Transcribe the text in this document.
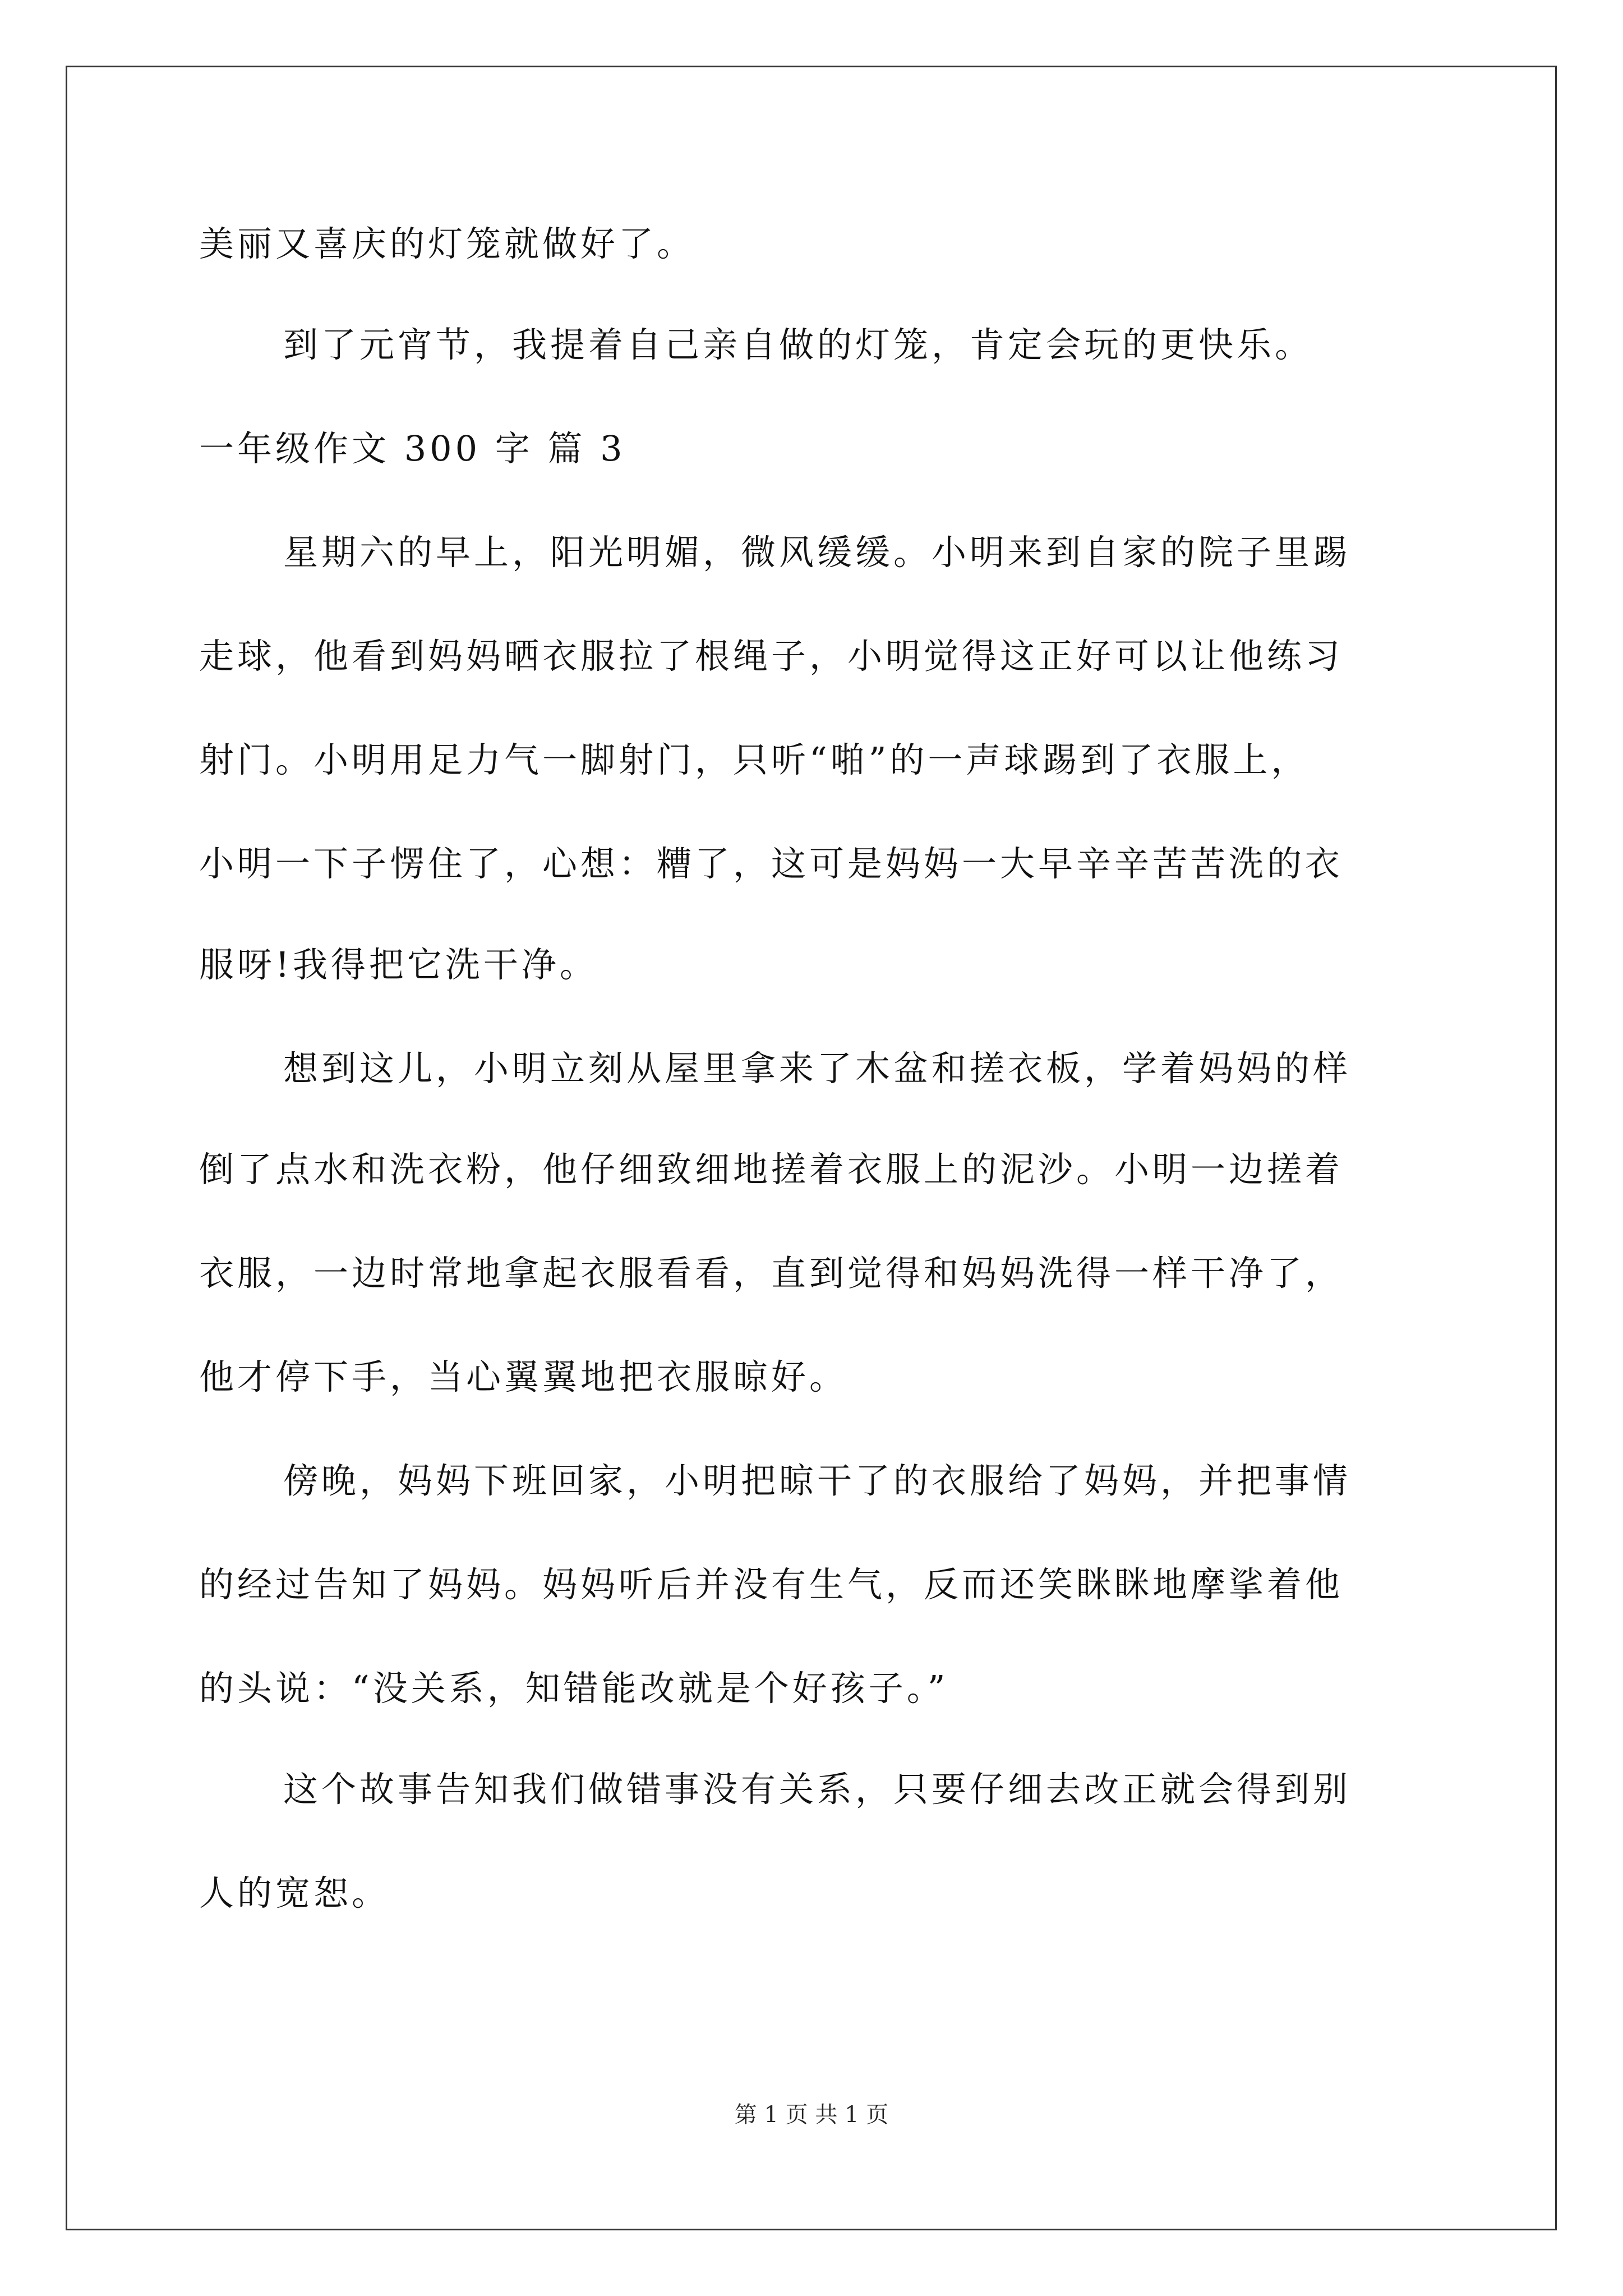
美丽又喜庆的灯笼就做好了。
到了元宵节，我提着自己亲自做的灯笼，肯定会玩的更快乐。
一年级作文 300 字 篇 3
星期六的早上，阳光明媚，微风缓缓。小明来到自家的院子里踢
走球，他看到妈妈晒衣服拉了根绳子，小明觉得这正好可以让他练习
射门。小明用足力气一脚射门，只听“啪”的一声球踢到了衣服上，
小明一下子愣住了，心想：糟了，这可是妈妈一大早辛辛苦苦洗的衣
服呀!我得把它洗干净。
想到这儿，小明立刻从屋里拿来了木盆和搓衣板，学着妈妈的样
倒了点水和洗衣粉，他仔细致细地搓着衣服上的泥沙。小明一边搓着
衣服，一边时常地拿起衣服看看，直到觉得和妈妈洗得一样干净了，
他才停下手，当心翼翼地把衣服晾好。
傍晚，妈妈下班回家，小明把晾干了的衣服给了妈妈，并把事情
的经过告知了妈妈。妈妈听后并没有生气，反而还笑眯眯地摩挲着他
的头说：“没关系，知错能改就是个好孩子。”
这个故事告知我们做错事没有关系，只要仔细去改正就会得到别
人的宽恕。
第 1 页 共 1 页
